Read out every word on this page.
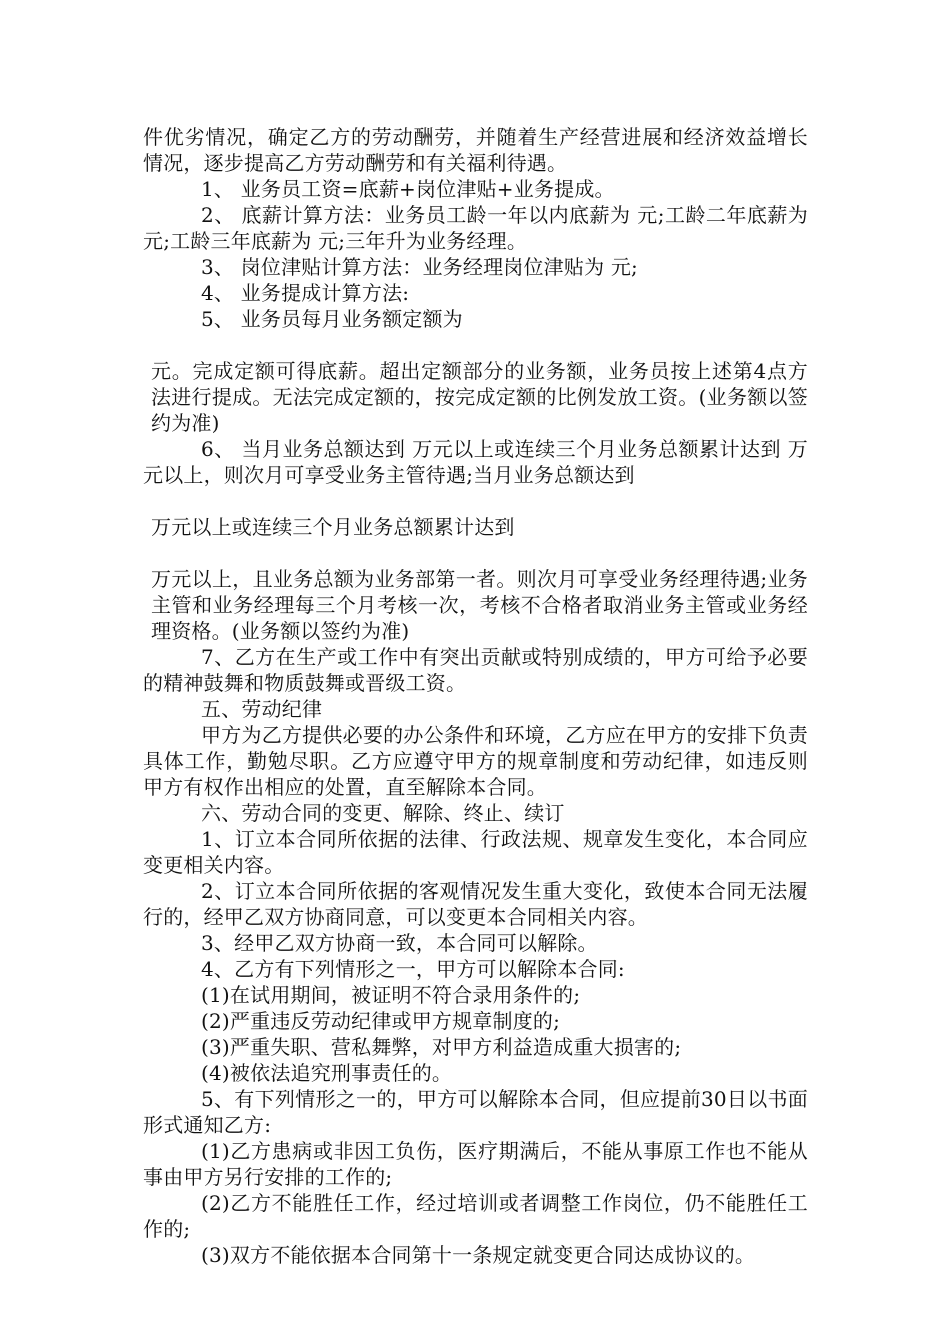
件优劣情况，确定乙方的劳动酬劳，并随着生产经营进展和经济效益增长情况，逐步提高乙方劳动酬劳和有关福利待遇。

1、 业务员工资=底薪+岗位津贴+业务提成。

2、 底薪计算方法：业务员工龄一年以内底薪为 元;工龄二年底薪为 元;工龄三年底薪为 元;三年升为业务经理。

3、 岗位津贴计算方法：业务经理岗位津贴为 元;

4、 业务提成计算方法:

5、 业务员每月业务额定额为

元。完成定额可得底薪。超出定额部分的业务额，业务员按上述第4点方法进行提成。无法完成定额的，按完成定额的比例发放工资。(业务额以签约为准)

6、 当月业务总额达到 万元以上或连续三个月业务总额累计达到 万元以上，则次月可享受业务主管待遇;当月业务总额达到

万元以上或连续三个月业务总额累计达到

万元以上，且业务总额为业务部第一者。则次月可享受业务经理待遇;业务主管和业务经理每三个月考核一次，考核不合格者取消业务主管或业务经理资格。(业务额以签约为准)

7、乙方在生产或工作中有突出贡献或特别成绩的，甲方可给予必要的精神鼓舞和物质鼓舞或晋级工资。

五、劳动纪律

甲方为乙方提供必要的办公条件和环境，乙方应在甲方的安排下负责具体工作，勤勉尽职。乙方应遵守甲方的规章制度和劳动纪律，如违反则甲方有权作出相应的处置，直至解除本合同。

六、劳动合同的变更、解除、终止、续订

1、订立本合同所依据的法律、行政法规、规章发生变化，本合同应变更相关内容。

2、订立本合同所依据的客观情况发生重大变化，致使本合同无法履行的，经甲乙双方协商同意，可以变更本合同相关内容。

3、经甲乙双方协商一致，本合同可以解除。

4、乙方有下列情形之一，甲方可以解除本合同:

(1)在试用期间，被证明不符合录用条件的;

(2)严重违反劳动纪律或甲方规章制度的;

(3)严重失职、营私舞弊，对甲方利益造成重大损害的;

(4)被依法追究刑事责任的。

5、有下列情形之一的，甲方可以解除本合同，但应提前30日以书面形式通知乙方:

(1)乙方患病或非因工负伤，医疗期满后，不能从事原工作也不能从事由甲方另行安排的工作的;

(2)乙方不能胜任工作，经过培训或者调整工作岗位，仍不能胜任工作的;

(3)双方不能依据本合同第十一条规定就变更合同达成协议的。
